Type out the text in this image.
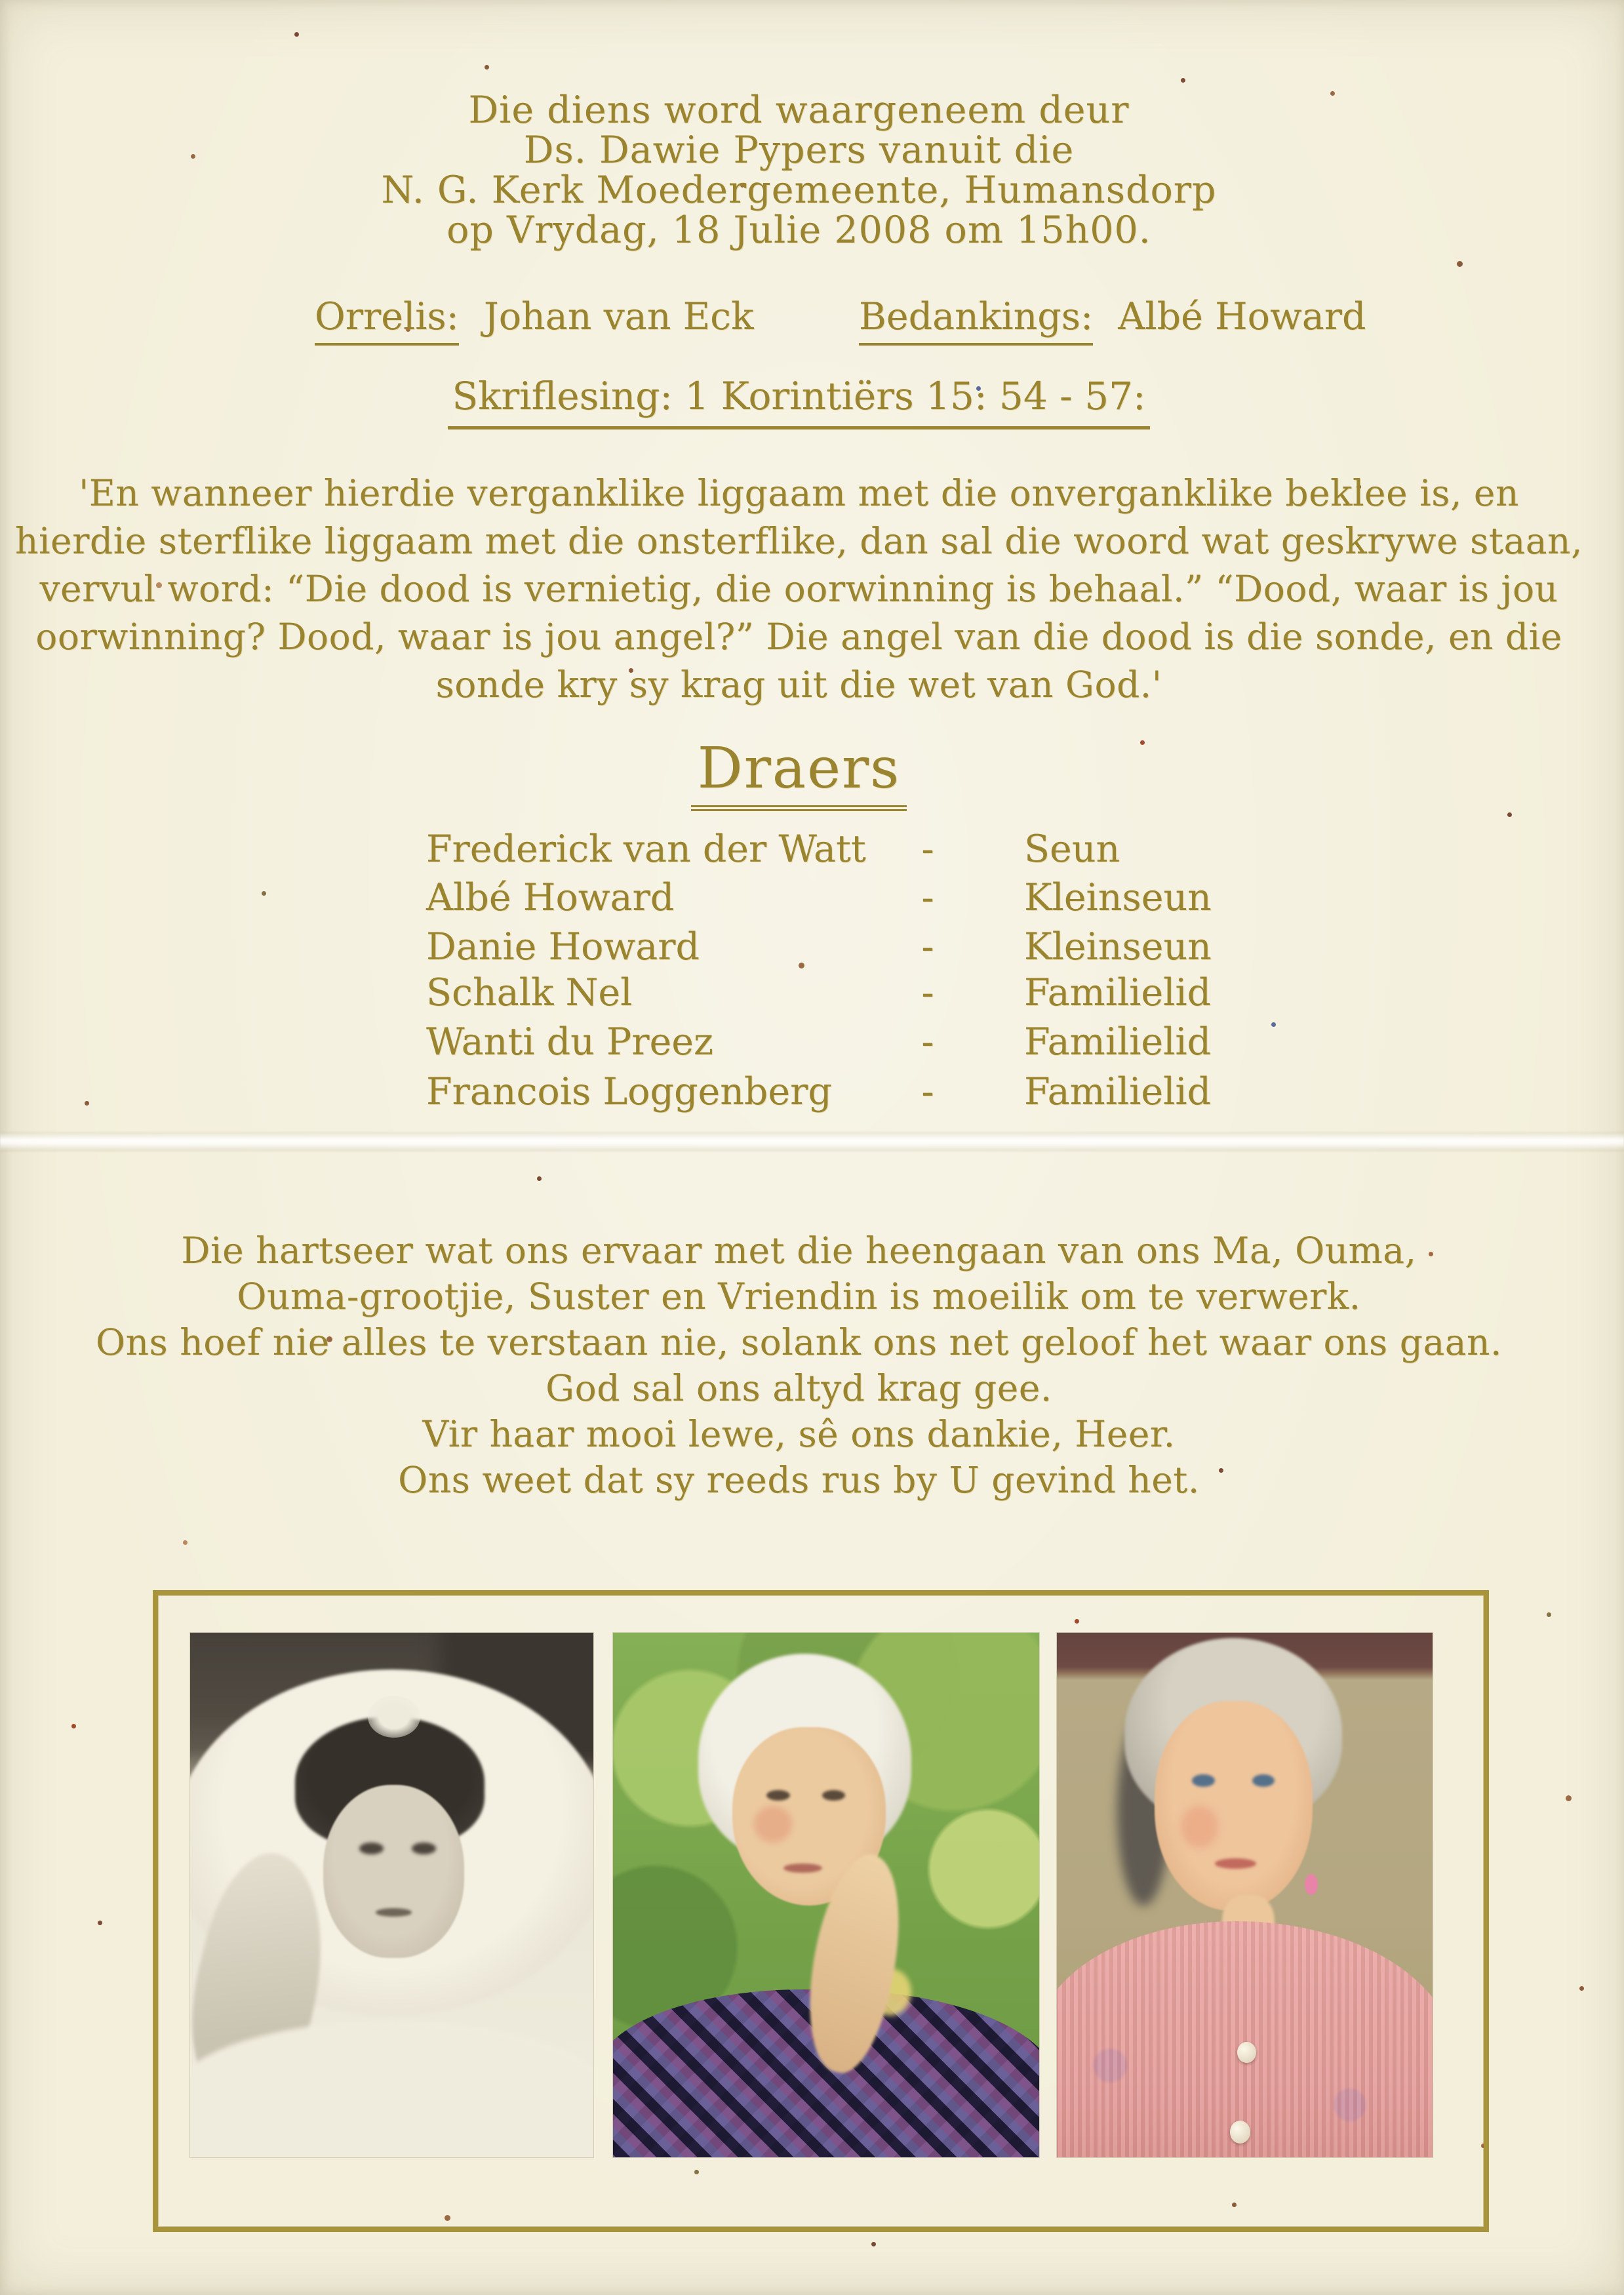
Die diens word waargeneem deur
Ds. Dawie Pypers vanuit die
N. G. Kerk Moedergemeente, Humansdorp
op Vrydag, 18 Julie 2008 om 15h00.
Orrelis: Johan van Eck	Bedankings: Albé Howard
Skriflesing: 1 Korintiërs 15: 54 - 57:
'En wanneer hierdie verganklike liggaam met die onverganklike beklee is, en
hierdie sterflike liggaam met die onsterflike, dan sal die woord wat geskrywe staan,
vervul word: “Die dood is vernietig, die oorwinning is behaal.” “Dood, waar is jou
oorwinning? Dood, waar is jou angel?” Die angel van die dood is die sonde, en die
sonde kry sy krag uit die wet van God.'
Draers
Frederick van der Watt - Seun
Albé Howard	- Kleinseun
Danie Howard	- Kleinseun
Schalk Nel	- Familielid
Wanti du Preez	- Familielid
Francois Loggenberg - Familielid
Die hartseer wat ons ervaar met die heengaan van ons Ma, Ouma,
Ouma-grootjie, Suster en Vriendin is moeilik om te verwerk.
Ons hoef nie alles te verstaan nie, solank ons net geloof het waar ons gaan.
God sal ons altyd krag gee.
Vir haar mooi lewe, sê ons dankie, Heer.
Ons weet dat sy reeds rus by U gevind het.
